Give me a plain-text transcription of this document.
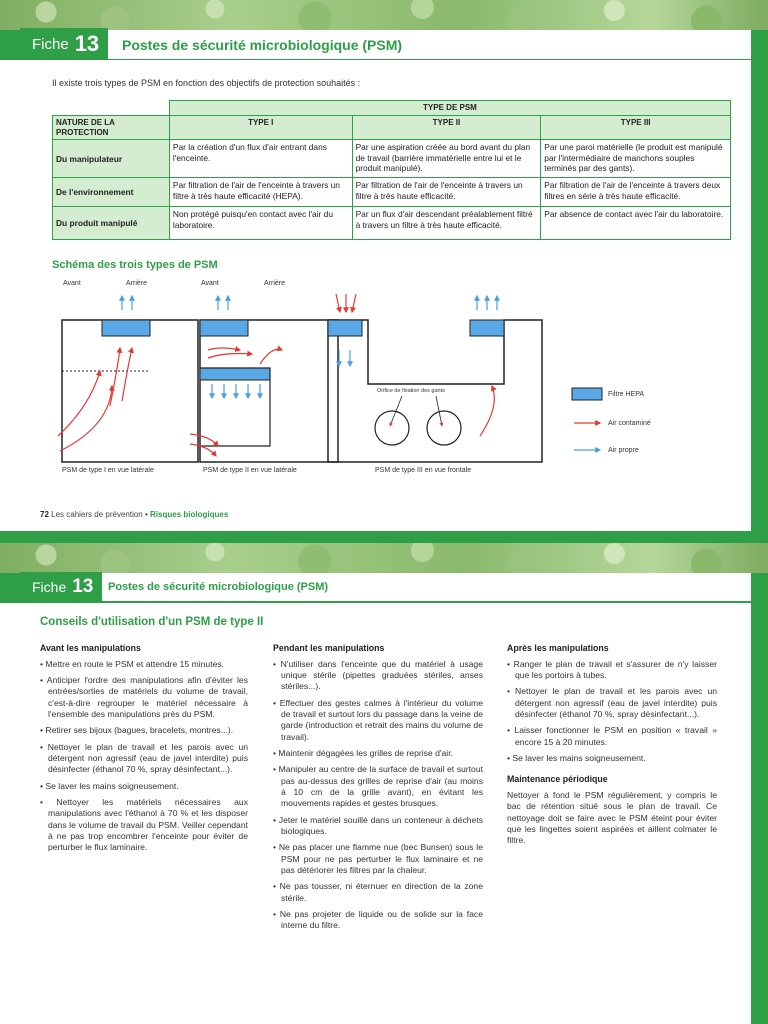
Fiche 13 Postes de sécurité microbiologique (PSM)
Il existe trois types de PSM en fonction des objectifs de protection souhaités :
	TYPE DE PSM		
NATURE DE LA PROTECTION	TYPE I	TYPE II	TYPE III
Du manipulateur	Par la création d'un flux d'air entrant dans l'enceinte.	Par une aspiration créée au bord avant du plan de travail (barrière immatérielle entre lui et le produit manipulé).	Par une paroi matérielle (le produit est manipulé par l'intermédiaire de manchons souples terminés par des gants).
De l'environnement	Par filtration de l'air de l'enceinte à travers un filtre à très haute efficacité (HEPA).	Par filtration de l'air de l'enceinte à travers un filtre à très haute efficacité.	Par filtration de l'air de l'enceinte à travers deux filtres en série à très haute efficacité.
Du produit manipulé	Non protégé puisqu'en contact avec l'air du laboratoire.	Par un flux d'air descendant préalablement filtré à travers un filtre à très haute efficacité.	Par absence de contact avec l'air du laboratoire.
Schéma des trois types de PSM
Avant	Arrière	Avant	Arrière
Orifice de fixation des gants
PSM de type I en vue latérale	PSM de type II en vue latérale	PSM de type III en vue frontale
Filtre HEPA
Air contaminé
Air propre
72 Les cahiers de prévention • Risques biologiques
Fiche 13 Postes de sécurité microbiologique (PSM)
Conseils d'utilisation d'un PSM de type II
Avant les manipulations
• Mettre en route le PSM et attendre 15 minutes.
• Anticiper l'ordre des manipulations afin d'éviter les entrées/sorties de matériels du volume de travail, c'est-à-dire regrouper le matériel nécessaire à l'ensemble des manipulations près du PSM.
• Retirer ses bijoux (bagues, bracelets, montres...).
• Nettoyer le plan de travail et les parois avec un détergent non agressif (eau de javel interdite) puis désinfecter (éthanol 70 %, spray désinfectant...).
• Se laver les mains soigneusement.
• Nettoyer les matériels nécessaires aux manipulations avec l'éthanol à 70 % et les disposer dans le volume de travail du PSM. Veiller cependant à ne pas trop encombrer l'enceinte pour éviter de perturber le flux laminaire.
Pendant les manipulations
• N'utiliser dans l'enceinte que du matériel à usage unique stérile (pipettes graduées stériles, anses stériles...).
• Effectuer des gestes calmes à l'intérieur du volume de travail et surtout lors du passage dans la veine de garde (introduction et retrait des mains du volume de travail).
• Maintenir dégagées les grilles de reprise d'air.
• Manipuler au centre de la surface de travail et surtout pas au-dessus des grilles de reprise d'air (au moins à 10 cm de la grille avant), en évitant les mouvements rapides et gestes brusques.
• Jeter le matériel souillé dans un conteneur à déchets biologiques.
• Ne pas placer une flamme nue (bec Bunsen) sous le PSM pour ne pas perturber le flux laminaire et ne pas détériorer les filtres par la chaleur.
• Ne pas tousser, ni éternuer en direction de la zone stérile.
• Ne pas projeter de liquide ou de solide sur la face interne du filtre.
Après les manipulations
• Ranger le plan de travail et s'assurer de n'y laisser que les portoirs à tubes.
• Nettoyer le plan de travail et les parois avec un détergent non agressif (eau de javel interdite) puis désinfecter (éthanol 70 %, spray désinfectant...).
• Laisser fonctionner le PSM en position « travail » encore 15 à 20 minutes.
• Se laver les mains soigneusement.
Maintenance périodique

Nettoyer à fond le PSM régulièrement, y compris le bac de rétention situé sous le plan de travail. Ce nettoyage doit se faire avec le PSM éteint pour éviter que les lingettes soient aspirées et aillent colmater le filtre.
